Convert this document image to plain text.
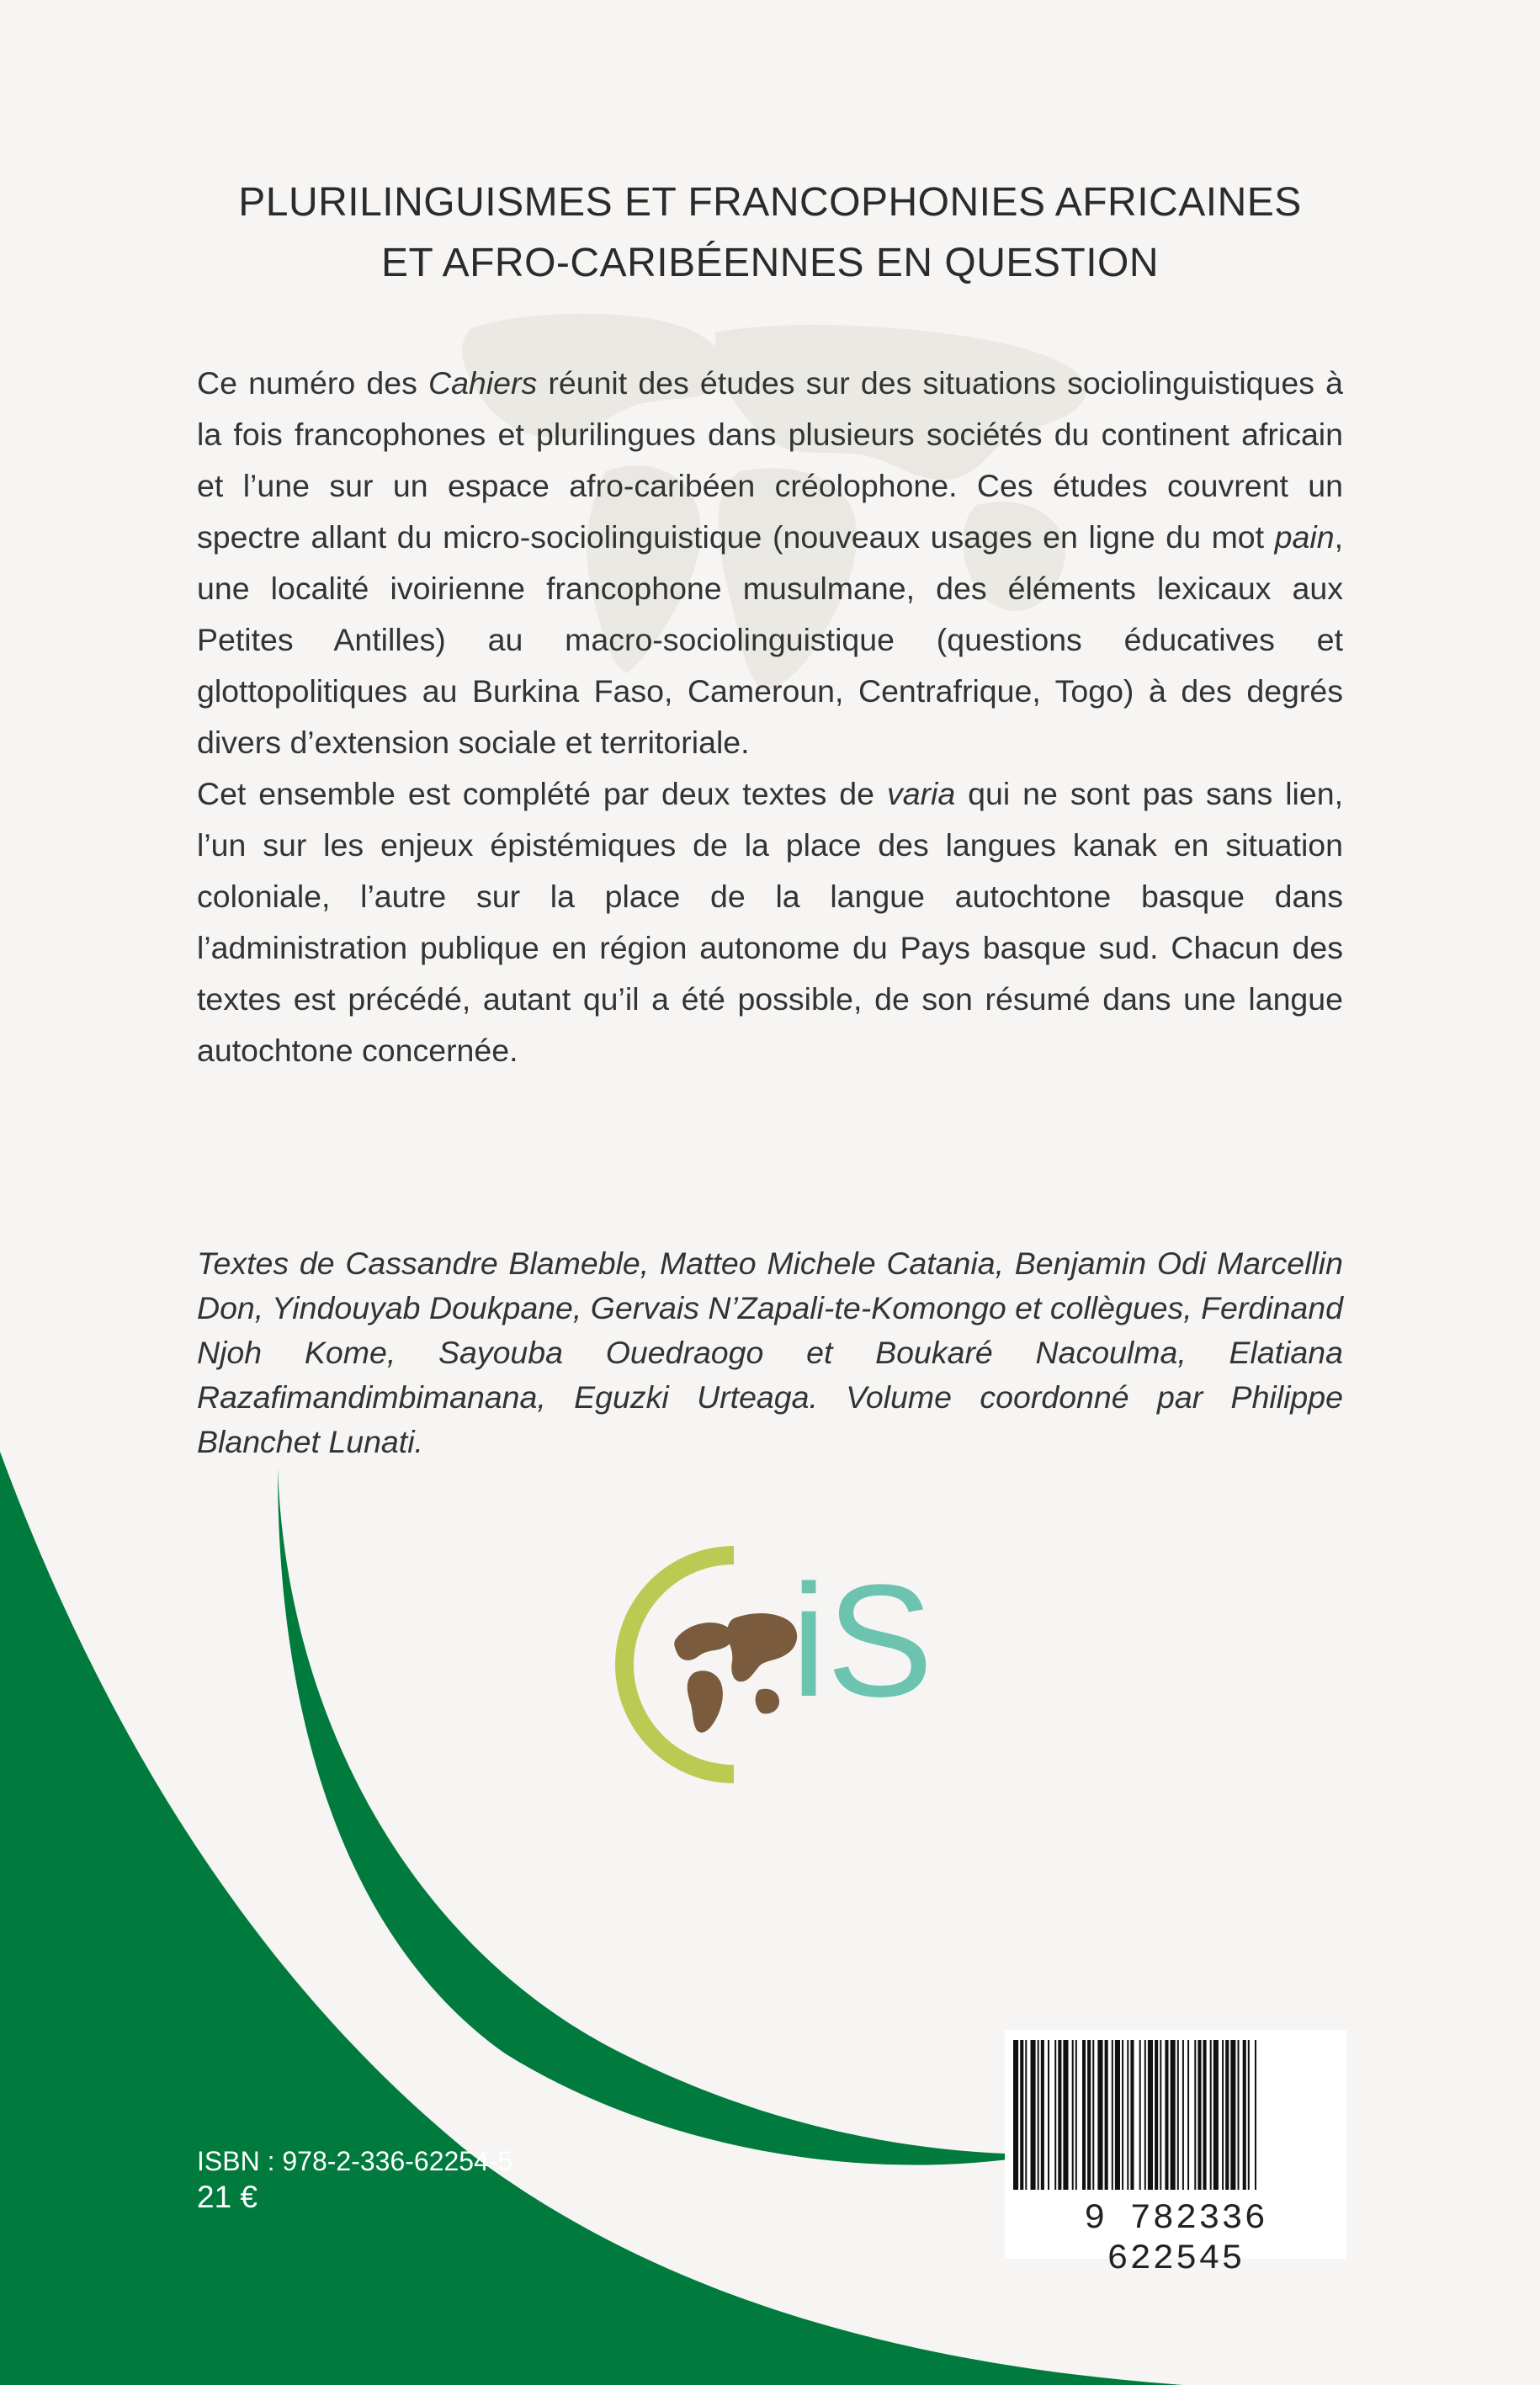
PLURILINGUISMES ET FRANCOPHONIES AFRICAINES
ET AFRO-CARIBÉENNES EN QUESTION

Ce numéro des Cahiers réunit des études sur des situations sociolinguistiques à la fois francophones et plurilingues dans plusieurs sociétés du continent africain et l’une sur un espace afro-caribéen créolophone. Ces études couvrent un spectre allant du micro-sociolinguistique (nouveaux usages en ligne du mot pain, une localité ivoirienne francophone musulmane, des éléments lexicaux aux Petites Antilles) au macro-sociolinguistique (questions éducatives et glottopolitiques au Burkina Faso, Cameroun, Centrafrique, Togo) à des degrés divers d’extension sociale et territoriale.

Cet ensemble est complété par deux textes de varia qui ne sont pas sans lien, l’un sur les enjeux épistémiques de la place des langues kanak en situation coloniale, l’autre sur la place de la langue autochtone basque dans l’administration publique en région autonome du Pays basque sud. Chacun des textes est précédé, autant qu’il a été possible, de son résumé dans une langue autochtone concernée.

Textes de Cassandre Blameble, Matteo Michele Catania, Benjamin Odi Marcellin Don, Yindouyab Doukpane, Gervais N’Zapali-te-Komongo et collègues, Ferdinand Njoh Kome, Sayouba Ouedraogo et Boukaré Nacoulma, Elatiana Razafimandimbimanana, Eguzki Urteaga. Volume coordonné par Philippe Blanchet Lunati.

iS
ISBN : 978-2-336-62254-5
21 €
9 782336 622545
